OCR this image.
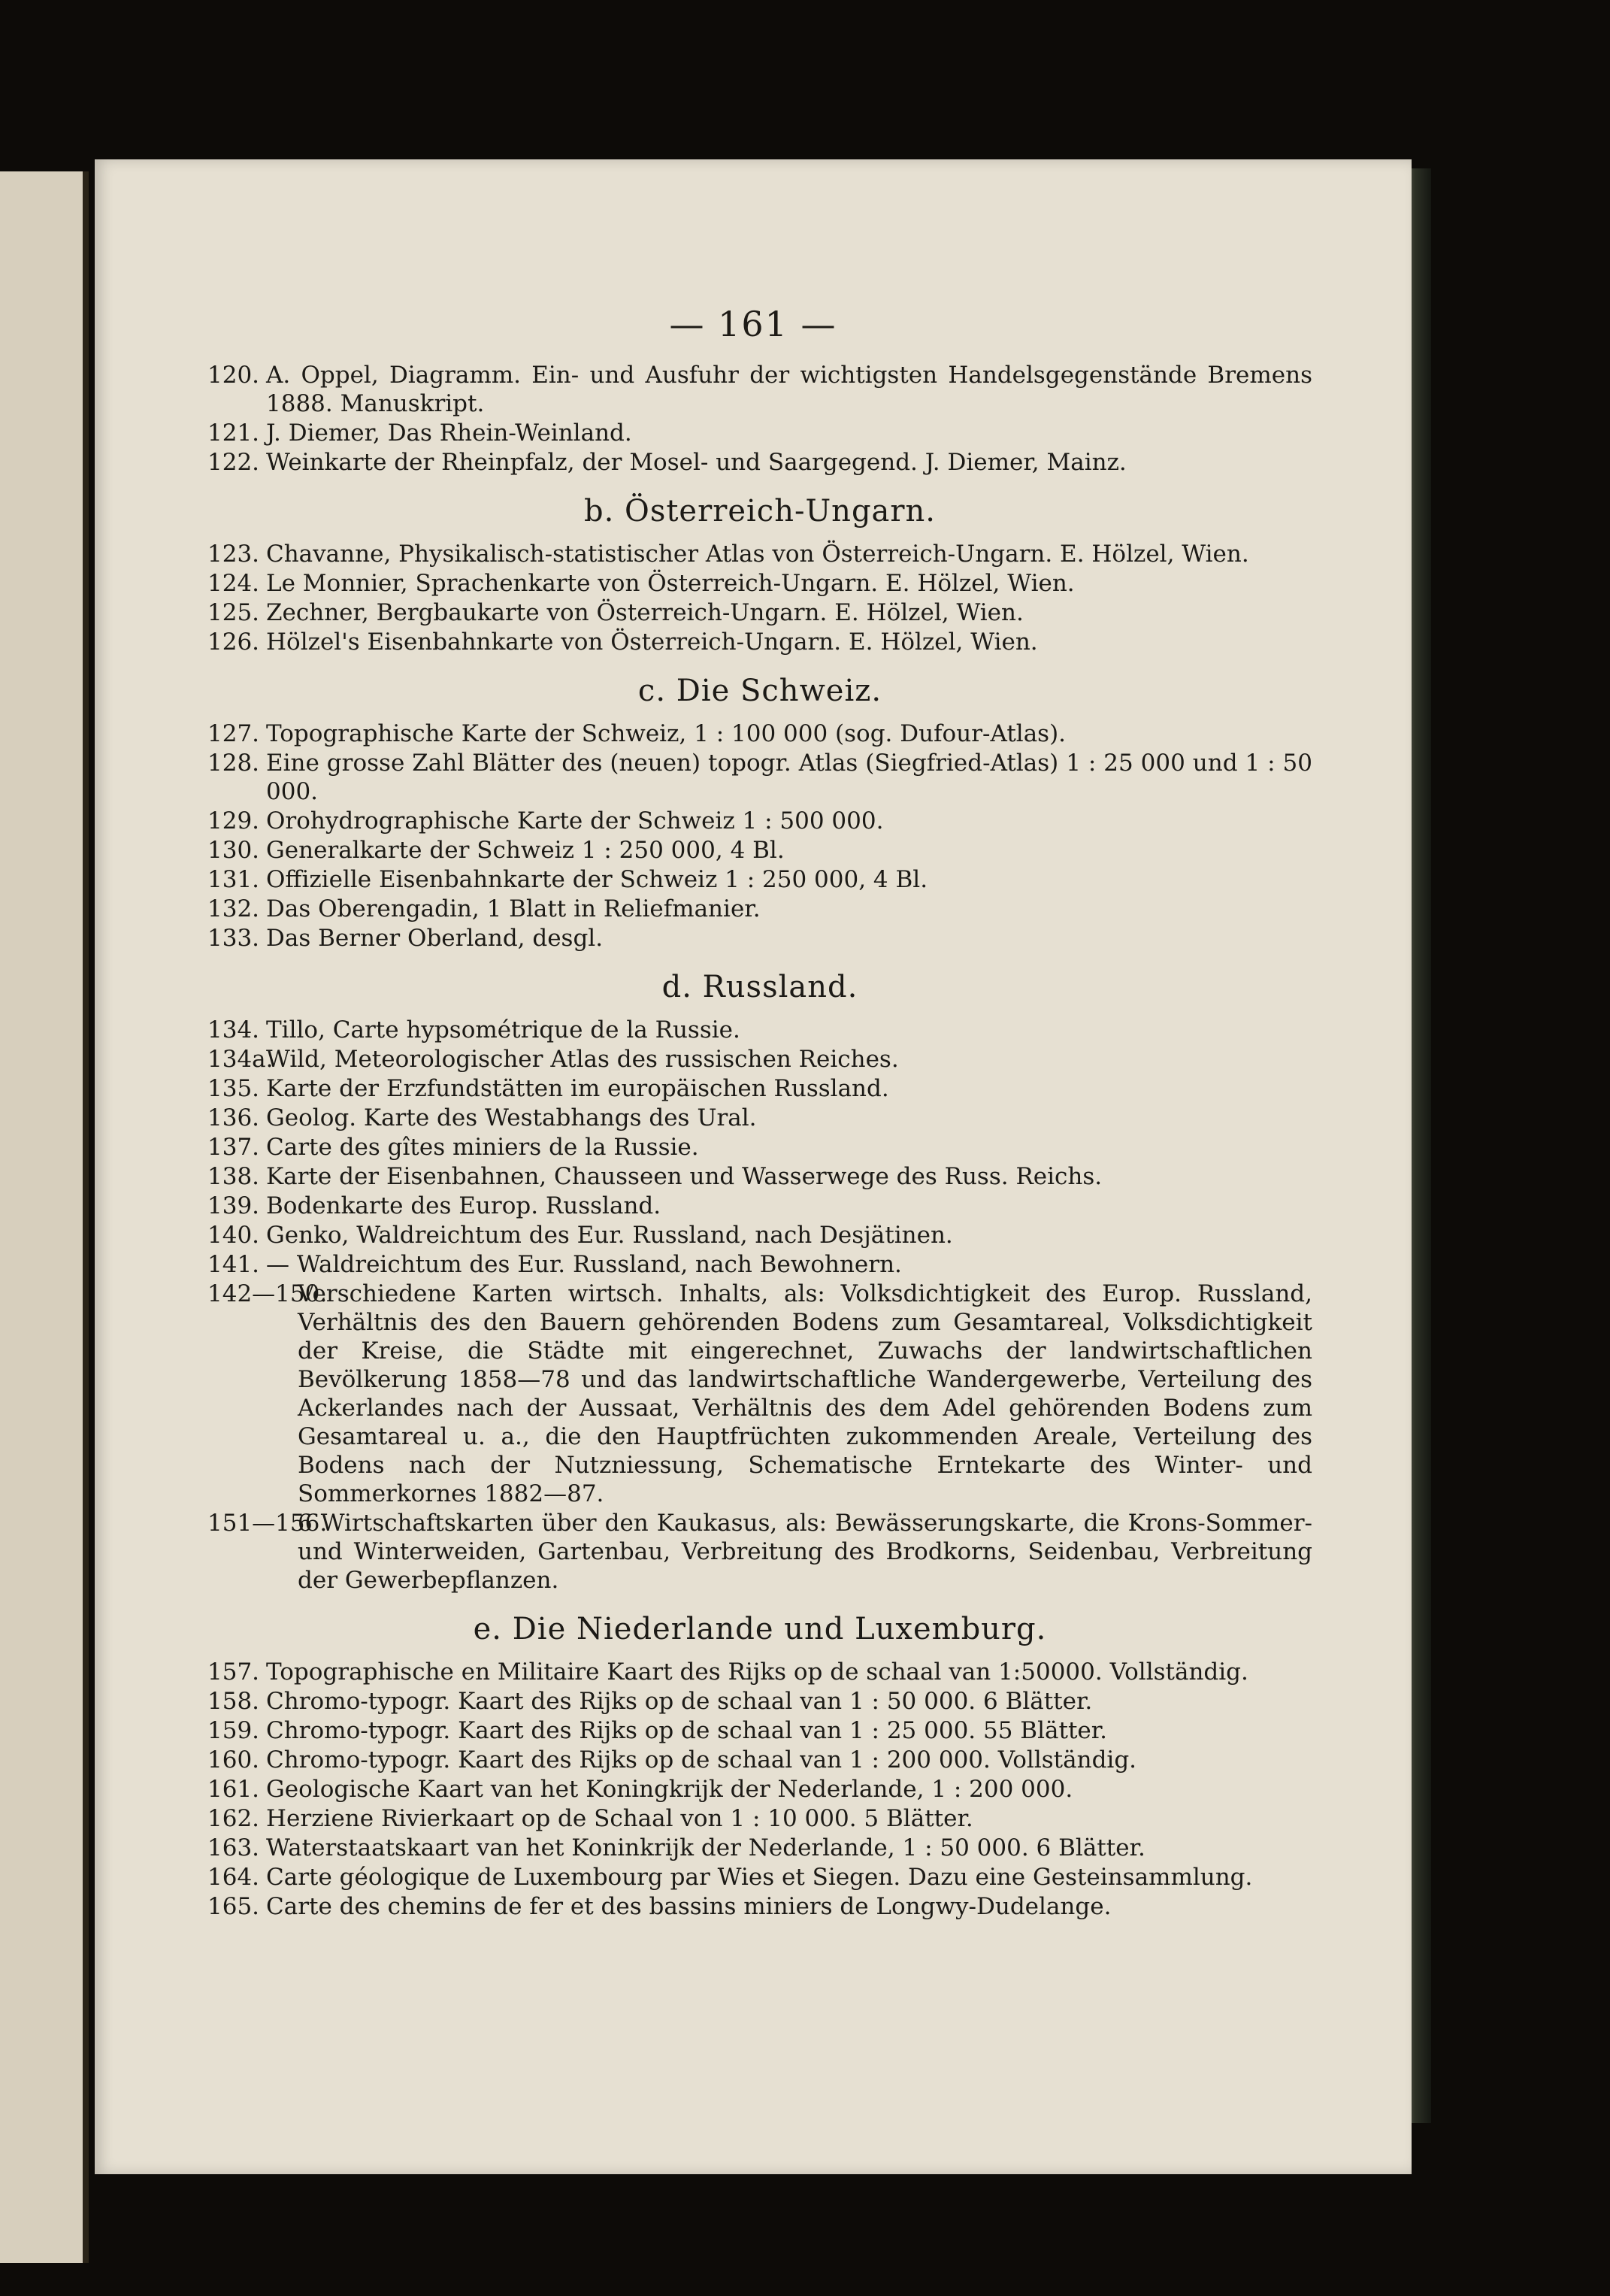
— 161 —
120. A. Oppel, Diagramm. Ein- und Ausfuhr der wichtigsten Handelsgegenstände Bremens 1888. Manuskript.
121. J. Diemer, Das Rhein-Weinland.
122. Weinkarte der Rheinpfalz, der Mosel- und Saargegend. J. Diemer, Mainz.
b. Österreich-Ungarn.
123. Chavanne, Physikalisch-statistischer Atlas von Österreich-Ungarn. E. Hölzel, Wien.
124. Le Monnier, Sprachenkarte von Österreich-Ungarn. E. Hölzel, Wien.
125. Zechner, Bergbaukarte von Österreich-Ungarn. E. Hölzel, Wien.
126. Hölzel's Eisenbahnkarte von Österreich-Ungarn. E. Hölzel, Wien.
c. Die Schweiz.
127. Topographische Karte der Schweiz, 1 : 100 000 (sog. Dufour-Atlas).
128. Eine grosse Zahl Blätter des (neuen) topogr. Atlas (Siegfried-Atlas) 1 : 25 000 und 1 : 50 000.
129. Orohydrographische Karte der Schweiz 1 : 500 000.
130. Generalkarte der Schweiz 1 : 250 000, 4 Bl.
131. Offizielle Eisenbahnkarte der Schweiz 1 : 250 000, 4 Bl.
132. Das Oberengadin, 1 Blatt in Reliefmanier.
133. Das Berner Oberland, desgl.
d. Russland.
134. Tillo, Carte hypsométrique de la Russie.
134a.
Wild, Meteorologischer Atlas des russischen Reiches.
135. Karte der Erzfundstätten im europäischen Russland.
136. Geolog. Karte des Westabhangs des Ural.
137. Carte des gîtes miniers de la Russie.
138. Karte der Eisenbahnen, Chausseen und Wasserwege des Russ. Reichs.
139. Bodenkarte des Europ. Russland.
140. Genko, Waldreichtum des Eur. Russland, nach Desjätinen.
141. — Waldreichtum des Eur. Russland, nach Bewohnern.
142—150.
Verschiedene Karten wirtsch. Inhalts, als: Volksdichtigkeit des Europ. Russland, Verhältnis des den Bauern gehörenden Bodens zum Gesamtareal, Volksdichtigkeit der Kreise, die Städte mit eingerechnet, Zuwachs der landwirtschaftlichen Bevölkerung 1858—78 und das landwirtschaftliche Wandergewerbe, Verteilung des Ackerlandes nach der Aussaat, Verhältnis des dem Adel gehörenden Bodens zum Gesamtareal u. a., die den Hauptfrüchten zukommenden Areale, Verteilung des Bodens nach der Nutzniessung, Schematische Erntekarte des Winter- und Sommerkornes 1882—87.
151—156.
6 Wirtschaftskarten über den Kaukasus, als: Bewässerungskarte, die Krons-Sommer- und Winterweiden, Gartenbau, Verbreitung des Brodkorns, Seidenbau, Verbreitung der Gewerbepflanzen.
e. Die Niederlande und Luxemburg.
157. Topographische en Militaire Kaart des Rijks op de schaal van 1:50000. Vollständig.
158. Chromo-typogr. Kaart des Rijks op de schaal van 1 : 50 000. 6 Blätter.
159. Chromo-typogr. Kaart des Rijks op de schaal van 1 : 25 000. 55 Blätter.
160. Chromo-typogr. Kaart des Rijks op de schaal van 1 : 200 000. Vollständig.
161. Geologische Kaart van het Koningkrijk der Nederlande, 1 : 200 000.
162. Herziene Rivierkaart op de Schaal von 1 : 10 000. 5 Blätter.
163. Waterstaatskaart van het Koninkrijk der Nederlande, 1 : 50 000. 6 Blätter.
164. Carte géologique de Luxembourg par Wies et Siegen. Dazu eine Gesteinsammlung.
165. Carte des chemins de fer et des bassins miniers de Longwy-Dudelange.
